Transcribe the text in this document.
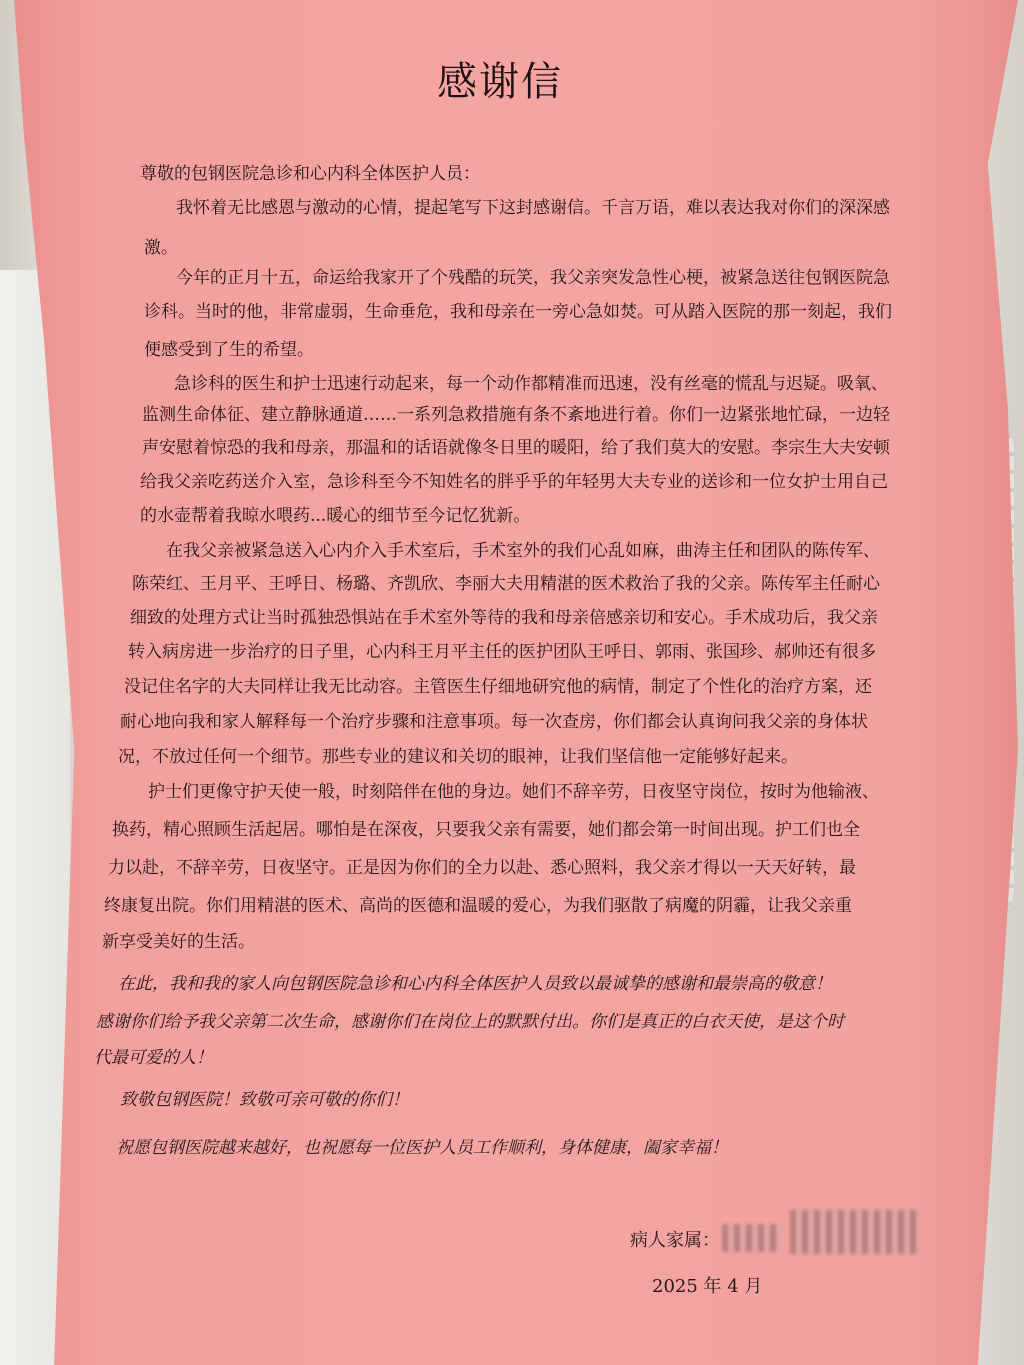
感谢信
尊敬的包钢医院急诊和心内科全体医护人员：
我怀着无比感恩与激动的心情，提起笔写下这封感谢信。千言万语，难以表达我对你们的深深感
激。
今年的正月十五，命运给我家开了个残酷的玩笑，我父亲突发急性心梗，被紧急送往包钢医院急
诊科。当时的他，非常虚弱，生命垂危，我和母亲在一旁心急如焚。可从踏入医院的那一刻起，我们
便感受到了生的希望。
急诊科的医生和护士迅速行动起来，每一个动作都精准而迅速，没有丝毫的慌乱与迟疑。吸氧、
监测生命体征、建立静脉通道……一系列急救措施有条不紊地进行着。你们一边紧张地忙碌，一边轻
声安慰着惊恐的我和母亲，那温和的话语就像冬日里的暖阳，给了我们莫大的安慰。李宗生大夫安顿
给我父亲吃药送介入室，急诊科至今不知姓名的胖乎乎的年轻男大夫专业的送诊和一位女护士用自己
的水壶帮着我晾水喂药...暖心的细节至今记忆犹新。
在我父亲被紧急送入心内介入手术室后，手术室外的我们心乱如麻，曲涛主任和团队的陈传军、
陈荣红、王月平、王呼日、杨璐、齐凯欣、李丽大夫用精湛的医术救治了我的父亲。陈传军主任耐心
细致的处理方式让当时孤独恐惧站在手术室外等待的我和母亲倍感亲切和安心。手术成功后，我父亲
转入病房进一步治疗的日子里，心内科王月平主任的医护团队王呼日、郭雨、张国珍、郝帅还有很多
没记住名字的大夫同样让我无比动容。主管医生仔细地研究他的病情，制定了个性化的治疗方案，还
耐心地向我和家人解释每一个治疗步骤和注意事项。每一次查房，你们都会认真询问我父亲的身体状
况，不放过任何一个细节。那些专业的建议和关切的眼神，让我们坚信他一定能够好起来。
护士们更像守护天使一般，时刻陪伴在他的身边。她们不辞辛劳，日夜坚守岗位，按时为他输液、
换药，精心照顾生活起居。哪怕是在深夜，只要我父亲有需要，她们都会第一时间出现。护工们也全
力以赴，不辞辛劳，日夜坚守。正是因为你们的全力以赴、悉心照料，我父亲才得以一天天好转，最
终康复出院。你们用精湛的医术、高尚的医德和温暖的爱心，为我们驱散了病魔的阴霾，让我父亲重
新享受美好的生活。
在此，我和我的家人向包钢医院急诊和心内科全体医护人员致以最诚挚的感谢和最崇高的敬意！
感谢你们给予我父亲第二次生命，感谢你们在岗位上的默默付出。你们是真正的白衣天使，是这个时
代最可爱的人！
致敬包钢医院！致敬可亲可敬的你们！
祝愿包钢医院越来越好，也祝愿每一位医护人员工作顺利，身体健康，阖家幸福！
病人家属：
2025 年 4 月
